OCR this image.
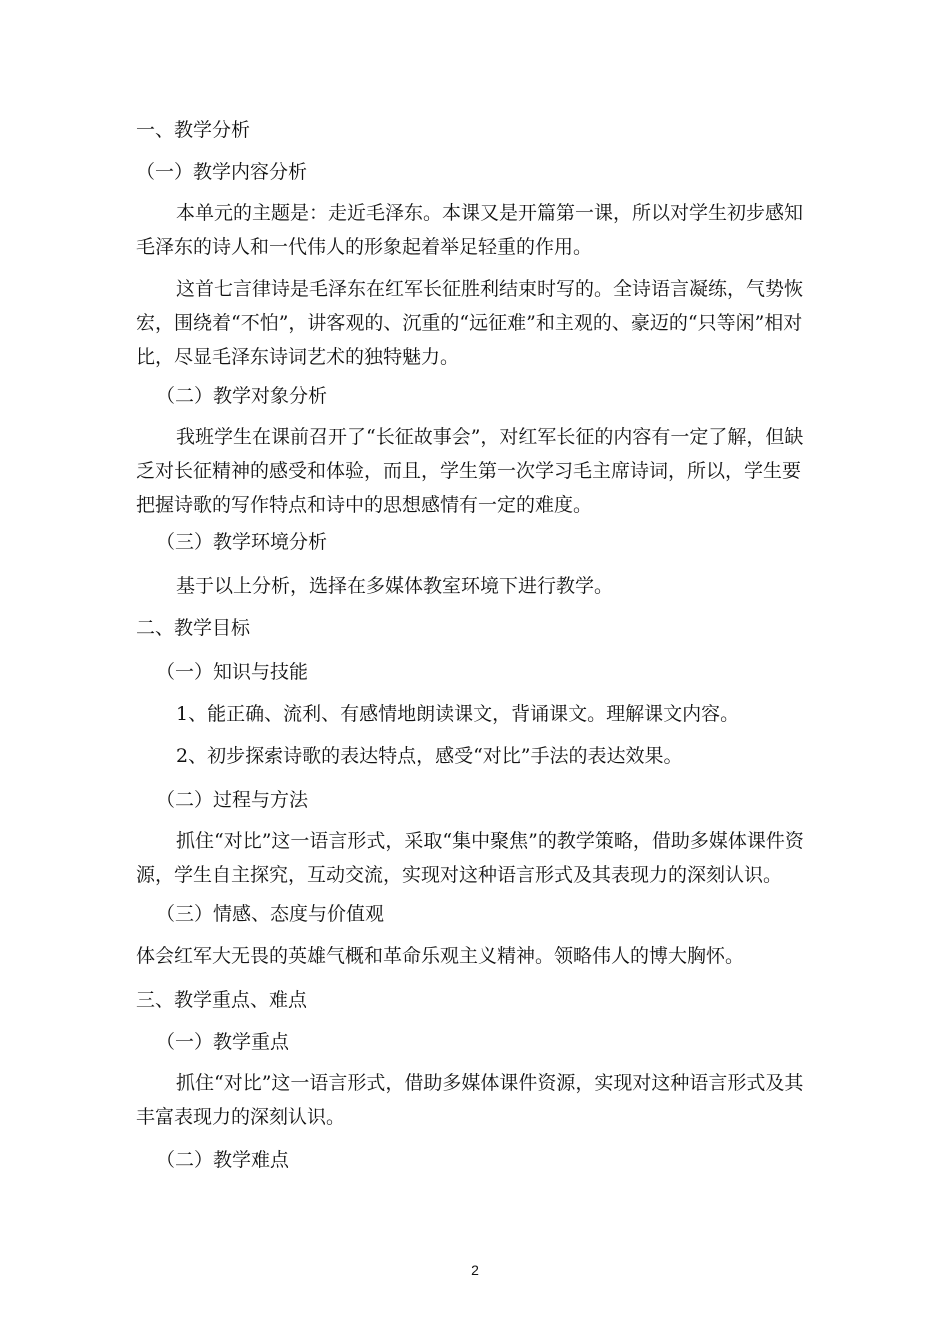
一、教学分析
（一）教学内容分析
本单元的主题是：走近毛泽东。本课又是开篇第一课，所以对学生初步感知毛泽东的诗人和一代伟人的形象起着举足轻重的作用。
这首七言律诗是毛泽东在红军长征胜利结束时写的。全诗语言凝练，气势恢宏，围绕着“不怕”，讲客观的、沉重的“远征难”和主观的、豪迈的“只等闲”相对比，尽显毛泽东诗词艺术的独特魅力。
（二）教学对象分析
我班学生在课前召开了“长征故事会”，对红军长征的内容有一定了解，但缺乏对长征精神的感受和体验，而且，学生第一次学习毛主席诗词，所以，学生要把握诗歌的写作特点和诗中的思想感情有一定的难度。
（三）教学环境分析
基于以上分析，选择在多媒体教室环境下进行教学。
二、教学目标
（一）知识与技能
1、能正确、流利、有感情地朗读课文，背诵课文。理解课文内容。
2、初步探索诗歌的表达特点，感受“对比”手法的表达效果。
（二）过程与方法
抓住“对比”这一语言形式，采取“集中聚焦”的教学策略，借助多媒体课件资源，学生自主探究，互动交流，实现对这种语言形式及其表现力的深刻认识。
（三）情感、态度与价值观
体会红军大无畏的英雄气概和革命乐观主义精神。领略伟人的博大胸怀。
三、教学重点、难点
（一）教学重点
抓住“对比”这一语言形式，借助多媒体课件资源，实现对这种语言形式及其丰富表现力的深刻认识。
（二）教学难点
2
